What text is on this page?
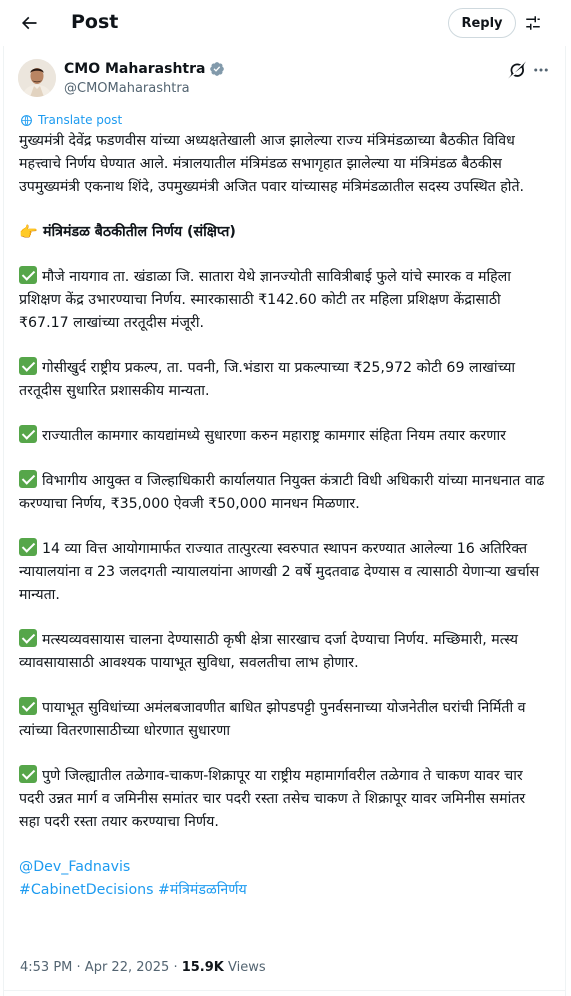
Post	Reply
CMO Maharashtra
@CMOMaharashtra
Translate post

मुख्यमंत्री देवेंद्र फडणवीस यांच्या अध्यक्षतेखाली आज झालेल्या राज्य मंत्रिमंडळाच्या बैठकीत विविध महत्त्वाचे निर्णय घेण्यात आले. मंत्रालयातील मंत्रिमंडळ सभागृहात झालेल्या या मंत्रिमंडळ बैठकीस उपमुख्यमंत्री एकनाथ शिंदे, उपमुख्यमंत्री अजित पवार यांच्यासह मंत्रिमंडळातील सदस्य उपस्थित होते.

👉 मंत्रिमंडळ बैठकीतील निर्णय (संक्षिप्त)

मौजे नायगाव ता. खंडाळा जि. सातारा येथे ज्ञानज्योती सावित्रीबाई फुले यांचे स्मारक व महिला प्रशिक्षण केंद्र उभारण्याचा निर्णय. स्मारकासाठी ₹142.60 कोटी तर महिला प्रशिक्षण केंद्रासाठी ₹67.17 लाखांच्या तरतूदीस मंजूरी.

गोसीखुर्द राष्ट्रीय प्रकल्प, ता. पवनी, जि.भंडारा या प्रकल्पाच्या ₹25,972 कोटी 69 लाखांच्या तरतूदीस सुधारित प्रशासकीय मान्यता.

राज्यातील कामगार कायद्यांमध्ये सुधारणा करुन महाराष्ट्र कामगार संहिता नियम तयार करणार

विभागीय आयुक्त व जिल्हाधिकारी कार्यालयात नियुक्त कंत्राटी विधी अधिकारी यांच्या मानधनात वाढ करण्याचा निर्णय, ₹35,000 ऐवजी ₹50,000 मानधन मिळणार.

14 व्या वित्त आयोगामार्फत राज्यात तात्पुरत्या स्वरुपात स्थापन करण्यात आलेल्या 16 अतिरिक्त न्यायालयांना व 23 जलदगती न्यायालयांना आणखी 2 वर्षे मुदतवाढ देण्यास व त्यासाठी येणाऱ्या खर्चास मान्यता.

मत्स्यव्यवसायास चालना देण्यासाठी कृषी क्षेत्रा सारखाच दर्जा देण्याचा निर्णय. मच्छिमारी, मत्स्य व्यावसायासाठी आवश्यक पायाभूत सुविधा, सवलतीचा लाभ होणार.

पायाभूत सुविधांच्या अमंलबजावणीत बाधित झोपडपट्टी पुनर्वसनाच्या योजनेतील घरांची निर्मिती व त्यांच्या वितरणासाठीच्या धोरणात सुधारणा

पुणे जिल्ह्यातील तळेगाव-चाकण-शिक्रापूर या राष्ट्रीय महामार्गावरील तळेगाव ते चाकण यावर चार पदरी उन्नत मार्ग व जमिनीस समांतर चार पदरी रस्ता तसेच चाकण ते शिक्रापूर यावर जमिनीस समांतर सहा पदरी रस्ता तयार करण्याचा निर्णय.

@Dev_Fadnavis

#CabinetDecisions #मंत्रिमंडळनिर्णय

4:53 PM · Apr 22, 2025 · 15.9K Views
